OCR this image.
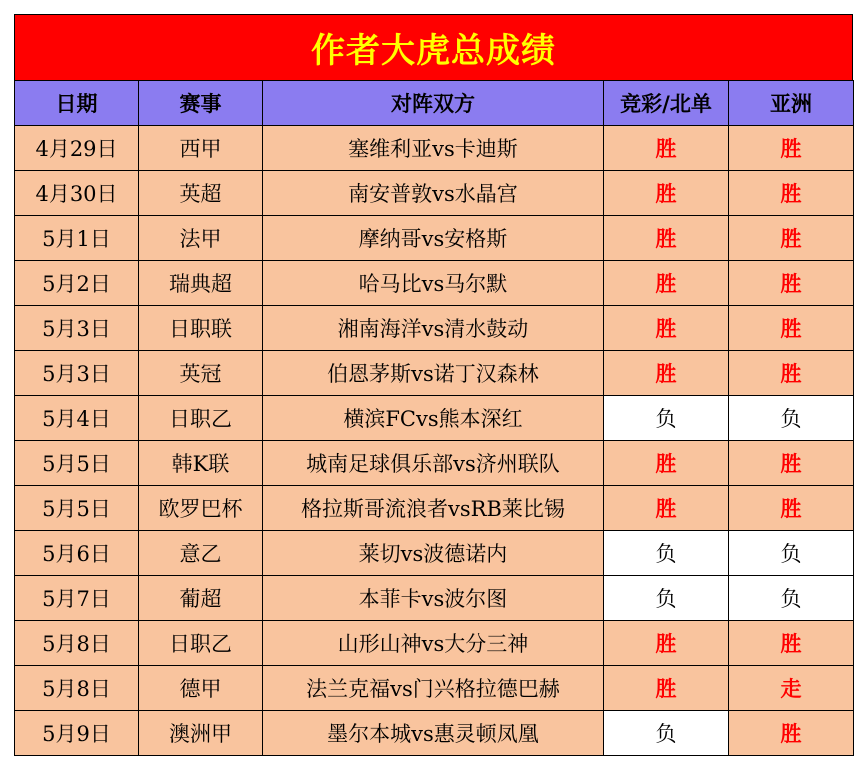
作者大虎总成绩
日期	赛事	对阵双方	竞彩/北单	亚洲
4月29日	西甲	塞维利亚vs卡迪斯	胜	胜
4月30日	英超	南安普敦vs水晶宫	胜	胜
5月1日	法甲	摩纳哥vs安格斯	胜	胜
5月2日	瑞典超	哈马比vs马尔默	胜	胜
5月3日	日职联	湘南海洋vs清水鼓动	胜	胜
5月3日	英冠	伯恩茅斯vs诺丁汉森林	胜	胜
5月4日	日职乙	横滨FCvs熊本深红	负	负
5月5日	韩K联	城南足球俱乐部vs济州联队	胜	胜
5月5日	欧罗巴杯	格拉斯哥流浪者vsRB莱比锡	胜	胜
5月6日	意乙	莱切vs波德诺内	负	负
5月7日	葡超	本菲卡vs波尔图	负	负
5月8日	日职乙	山形山神vs大分三神	胜	胜
5月8日	德甲	法兰克福vs门兴格拉德巴赫	胜	走
5月9日	澳洲甲	墨尔本城vs惠灵顿凤凰	负	胜
